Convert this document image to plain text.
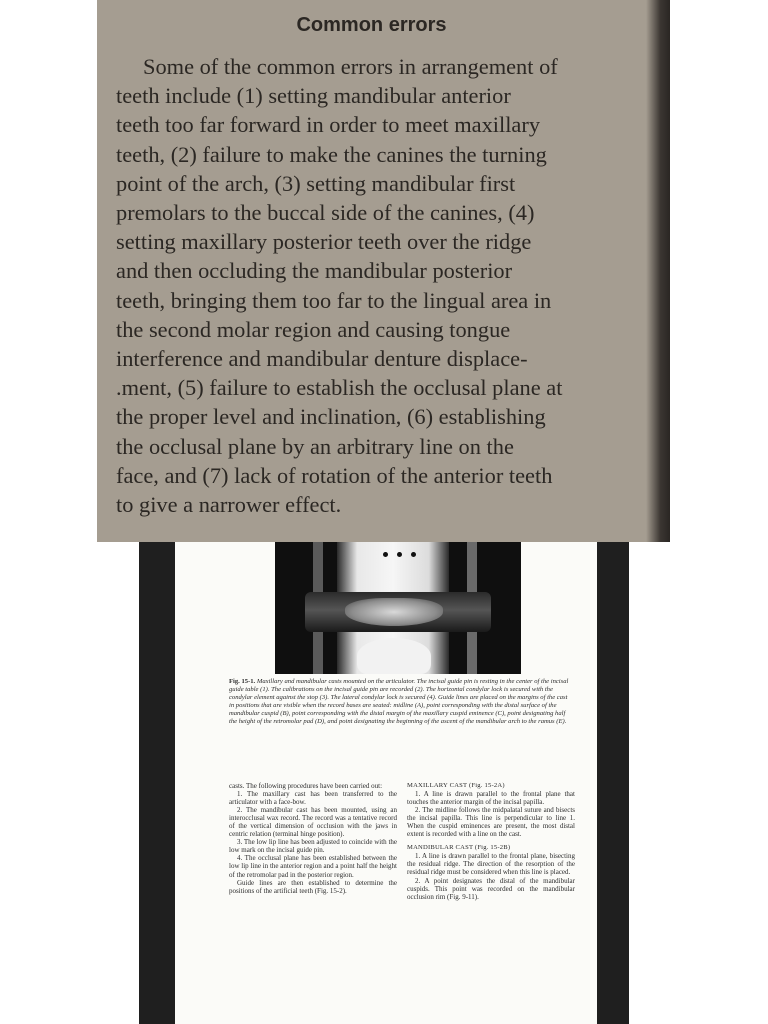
Common errors

Some of the common errors in arrangement of

teeth include (1) setting mandibular anterior

teeth too far forward in order to meet maxillary

teeth, (2) failure to make the canines the turning

point of the arch, (3) setting mandibular first

premolars to the buccal side of the canines, (4)

setting maxillary posterior teeth over the ridge

and then occluding the mandibular posterior

teeth, bringing them too far to the lingual area in

the second molar region and causing tongue

interference and mandibular denture displace-

.ment, (5) failure to establish the occlusal plane at

the proper level and inclination, (6) establishing

the occlusal plane by an arbitrary line on the

face, and (7) lack of rotation of the anterior teeth

to give a narrower effect.

Fig. 15-1. Maxillary and mandibular casts mounted on the articulator. The incisal guide pin is resting in the center of the incisal guide table (1). The calibrations on the incisal guide pin are recorded (2). The horizontal condylar lock is secured with the condylar element against the stop (3). The lateral condylar lock is secured (4). Guide lines are placed on the margins of the cast in positions that are visible when the record bases are seated: midline (A), point corresponding with the distal surface of the mandibular cuspid (B), point corresponding with the distal margin of the maxillary cuspid eminence (C), point designating half the height of the retromolar pad (D), and point designating the beginning of the ascent of the mandibular arch to the ramus (E).

casts. The following procedures have been carried out:

1. The maxillary cast has been transferred to the articulator with a face-bow.

2. The mandibular cast has been mounted, using an interocclusal wax record. The record was a tentative record of the vertical dimension of occlusion with the jaws in centric relation (terminal hinge position).

3. The low lip line has been adjusted to coincide with the low mark on the incisal guide pin.

4. The occlusal plane has been established between the low lip line in the anterior region and a point half the height of the retromolar pad in the posterior region.

Guide lines are then established to determine the positions of the artificial teeth (Fig. 15-2).

MAXILLARY CAST (Fig. 15-2A)

1. A line is drawn parallel to the frontal plane that touches the anterior margin of the incisal papilla.

2. The midline follows the midpalatal suture and bisects the incisal papilla. This line is perpendicular to line 1. When the cuspid eminences are present, the most distal extent is recorded with a line on the cast.

MANDIBULAR CAST (Fig. 15-2B)

1. A line is drawn parallel to the frontal plane, bisecting the residual ridge. The direction of the resorption of the residual ridge must be considered when this line is placed.

2. A point designates the distal of the mandibular cuspids. This point was recorded on the mandibular occlusion rim (Fig. 9-11).
